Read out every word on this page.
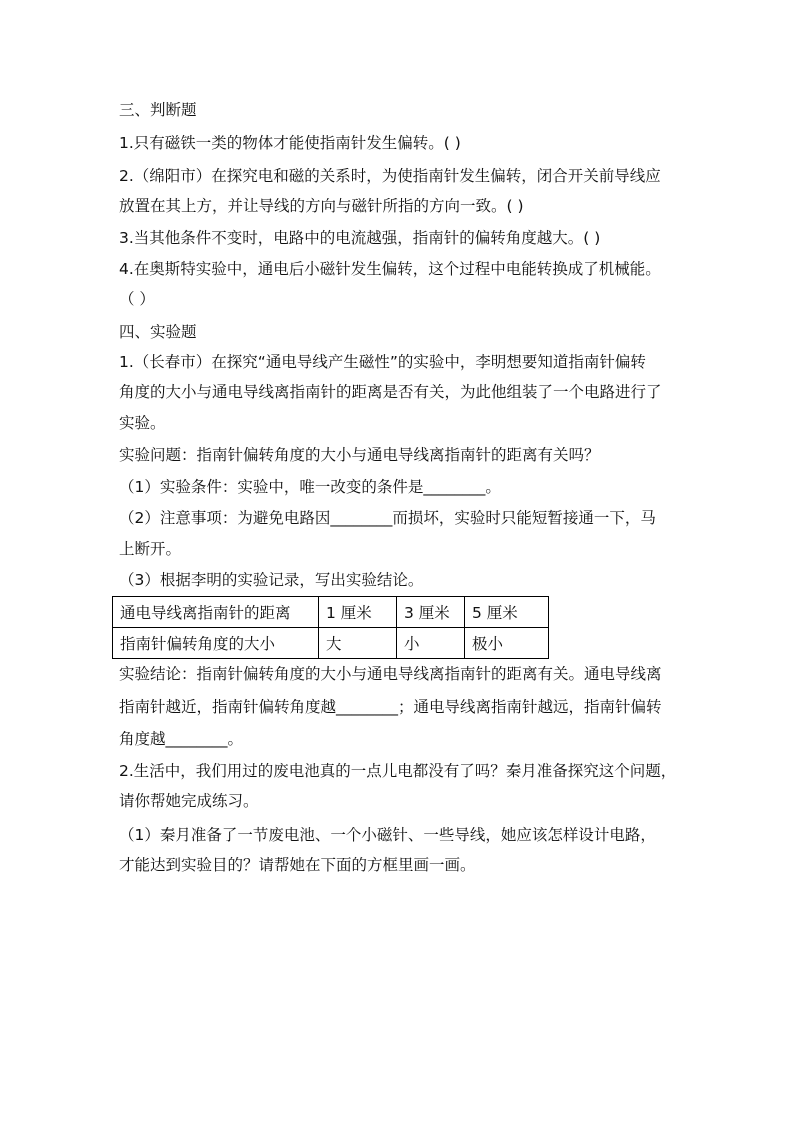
三、判断题
1.只有磁铁一类的物体才能使指南针发生偏转。( )
2.（绵阳市）在探究电和磁的关系时，为使指南针发生偏转，闭合开关前导线应
放置在其上方，并让导线的方向与磁针所指的方向一致。( )
3.当其他条件不变时，电路中的电流越强，指南针的偏转角度越大。( )
4.在奥斯特实验中，通电后小磁针发生偏转，这个过程中电能转换成了机械能。
（ ）
四、实验题
1.（长春市）在探究“通电导线产生磁性”的实验中，李明想要知道指南针偏转
角度的大小与通电导线离指南针的距离是否有关，为此他组装了一个电路进行了
实验。
实验问题：指南针偏转角度的大小与通电导线离指南针的距离有关吗？
（1）实验条件：实验中，唯一改变的条件是________。
（2）注意事项：为避免电路因________而损坏，实验时只能短暂接通一下，马
上断开。
（3）根据李明的实验记录，写出实验结论。
通电导线离指南针的距离	1 厘米	3 厘米	5 厘米
指南针偏转角度的大小	大	小	极小
实验结论：指南针偏转角度的大小与通电导线离指南针的距离有关。通电导线离
指南针越近，指南针偏转角度越________；通电导线离指南针越远，指南针偏转
角度越________。
2.生活中，我们用过的废电池真的一点儿电都没有了吗？秦月准备探究这个问题，
请你帮她完成练习。
（1）秦月准备了一节废电池、一个小磁针、一些导线，她应该怎样设计电路，
才能达到实验目的？请帮她在下面的方框里画一画。
